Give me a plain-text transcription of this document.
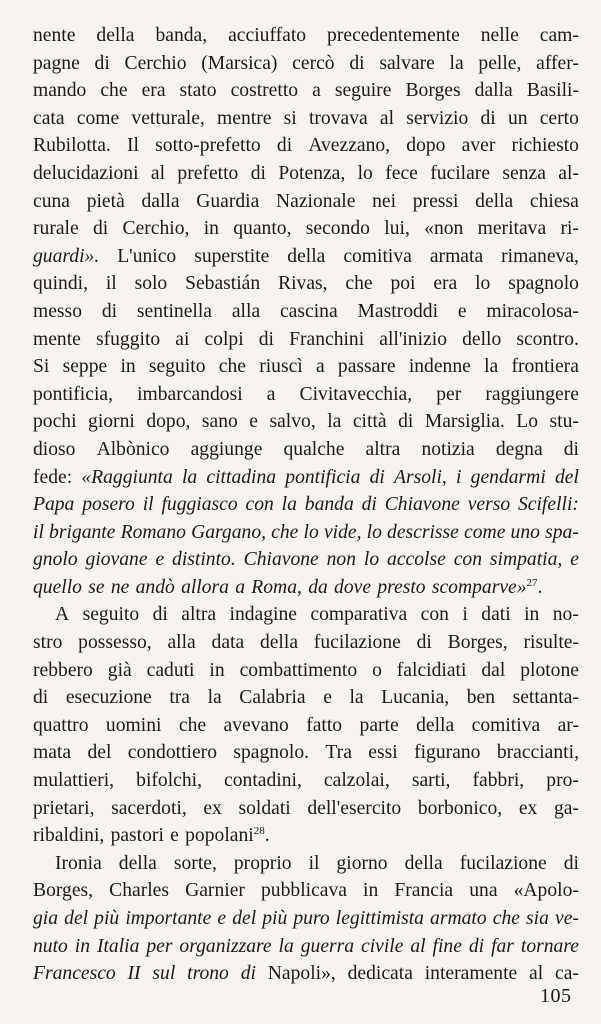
nente della banda, acciuffato precedentemente nelle cam-
pagne di Cerchio (Marsica) cercò di salvare la pelle, affer-
mando che era stato costretto a seguire Borges dalla Basili-
cata come vetturale, mentre si trovava al servizio di un certo
Rubilotta. Il sotto-prefetto di Avezzano, dopo aver richiesto
delucidazioni al prefetto di Potenza, lo fece fucilare senza al-
cuna pietà dalla Guardia Nazionale nei pressi della chiesa
rurale di Cerchio, in quanto, secondo lui, «non meritava ri-
guardi». L'unico superstite della comitiva armata rimaneva,
quindi, il solo Sebastián Rivas, che poi era lo spagnolo
messo di sentinella alla cascina Mastroddi e miracolosa-
mente sfuggito ai colpi di Franchini all'inizio dello scontro.
Si seppe in seguito che riuscì a passare indenne la frontiera
pontificia, imbarcandosi a Civitavecchia, per raggiungere
pochi giorni dopo, sano e salvo, la città di Marsiglia. Lo stu-
dioso Albònico aggiunge qualche altra notizia degna di
fede: «Raggiunta la cittadina pontificia di Arsoli, i gendarmi del
Papa posero il fuggiasco con la banda di Chiavone verso Scifelli:
il brigante Romano Gargano, che lo vide, lo descrisse come uno spa-
gnolo giovane e distinto. Chiavone non lo accolse con simpatia, e
quello se ne andò allora a Roma, da dove presto scomparve»$^{27}$.
A seguito di altra indagine comparativa con i dati in no-
stro possesso, alla data della fucilazione di Borges, risulte-
rebbero già caduti in combattimento o falcidiati dal plotone
di esecuzione tra la Calabria e la Lucania, ben settanta-
quattro uomini che avevano fatto parte della comitiva ar-
mata del condottiero spagnolo. Tra essi figurano braccianti,
mulattieri, bifolchi, contadini, calzolai, sarti, fabbri, pro-
prietari, sacerdoti, ex soldati dell'esercito borbonico, ex ga-
ribaldini, pastori e popolani$^{28}$.
Ironia della sorte, proprio il giorno della fucilazione di
Borges, Charles Garnier pubblicava in Francia una «Apolo-
gia del più importante e del più puro legittimista armato che sia ve-
nuto in Italia per organizzare la guerra civile al fine di far tornare
Francesco II sul trono di Napoli», dedicata interamente al ca-
105
